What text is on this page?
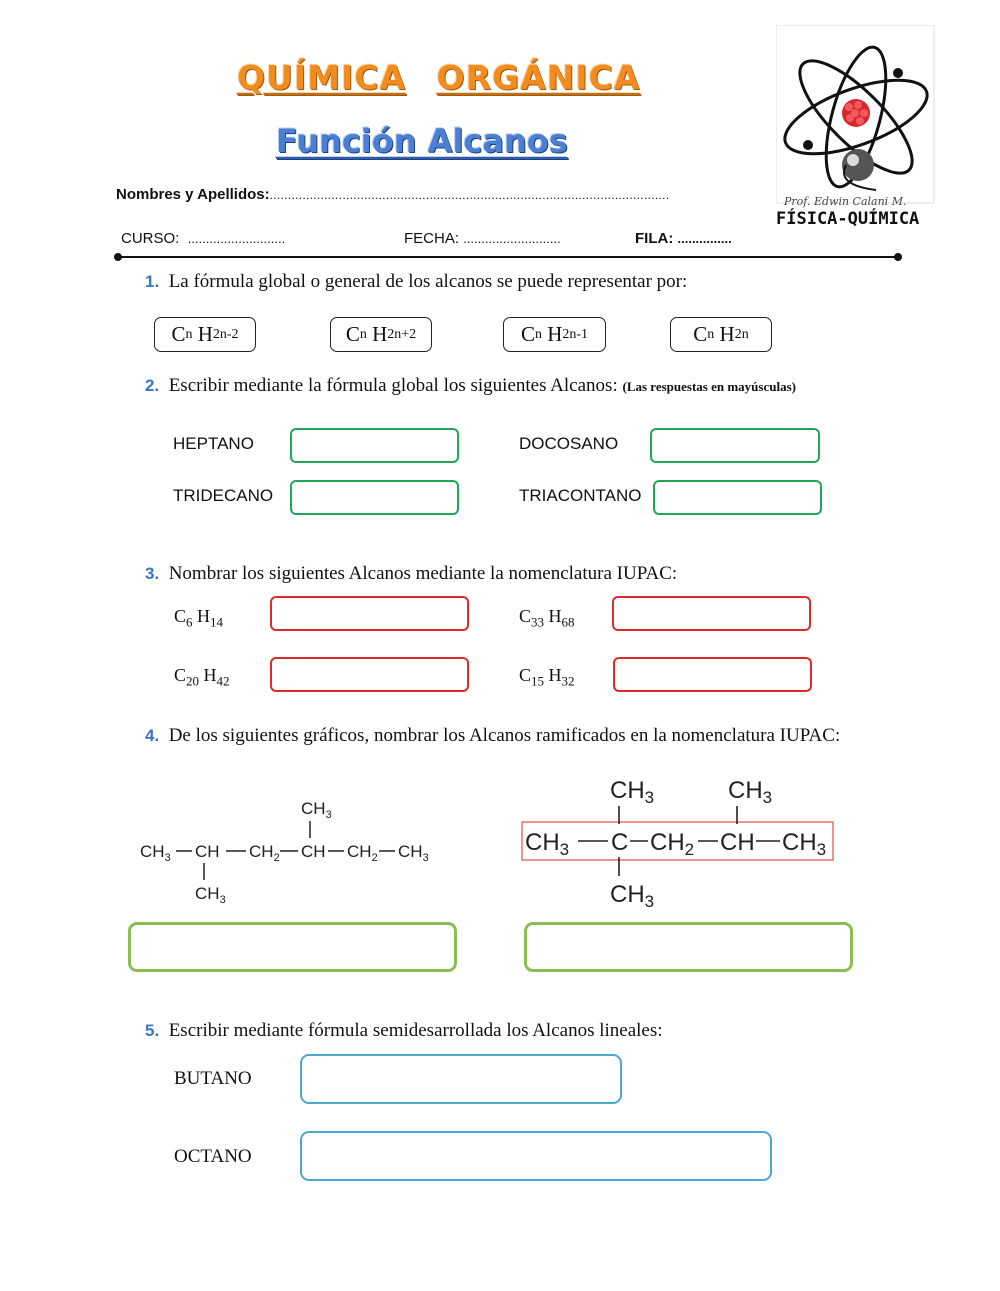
QUÍMICA ORGÁNICA
Función Alcanos
Prof. Edwin Calani M.
FÍSICA-QUÍMICA
Nombres y Apellidos:..............................................................................................................
CURSO: ...........................	FECHA: ...........................	FILA: ...............
1. La fórmula global o general de los alcanos se puede representar por:
C n
H 2n-2	C n
H 2n+2	C n
H 2n-1	C n
H 2n
2. Escribir mediante la fórmula global los siguientes Alcanos: (Las respuestas en mayúsculas)
HEPTANO	DOCOSANO
TRIDECANO	TRIACONTANO
3. Nombrar los siguientes Alcanos mediante la nomenclatura IUPAC:
$C_6$ $H_{14}$	$C_{33}$ $H_{68}$
$C_{20}$ $H_{42}$	$C_{15}$ $H_{32}$
4. De los siguientes gráficos, nombrar los Alcanos ramificados en la nomenclatura IUPAC:
$CH_3$
$CH_3$ CH $CH_2$ CH $CH_2$ $CH_3$
$CH_3$
$CH_3$	$CH_3$
$CH_3$ C $CH_2$ CH $CH_3$
$CH_3$
5. Escribir mediante fórmula semidesarrollada los Alcanos lineales:
BUTANO
OCTANO
